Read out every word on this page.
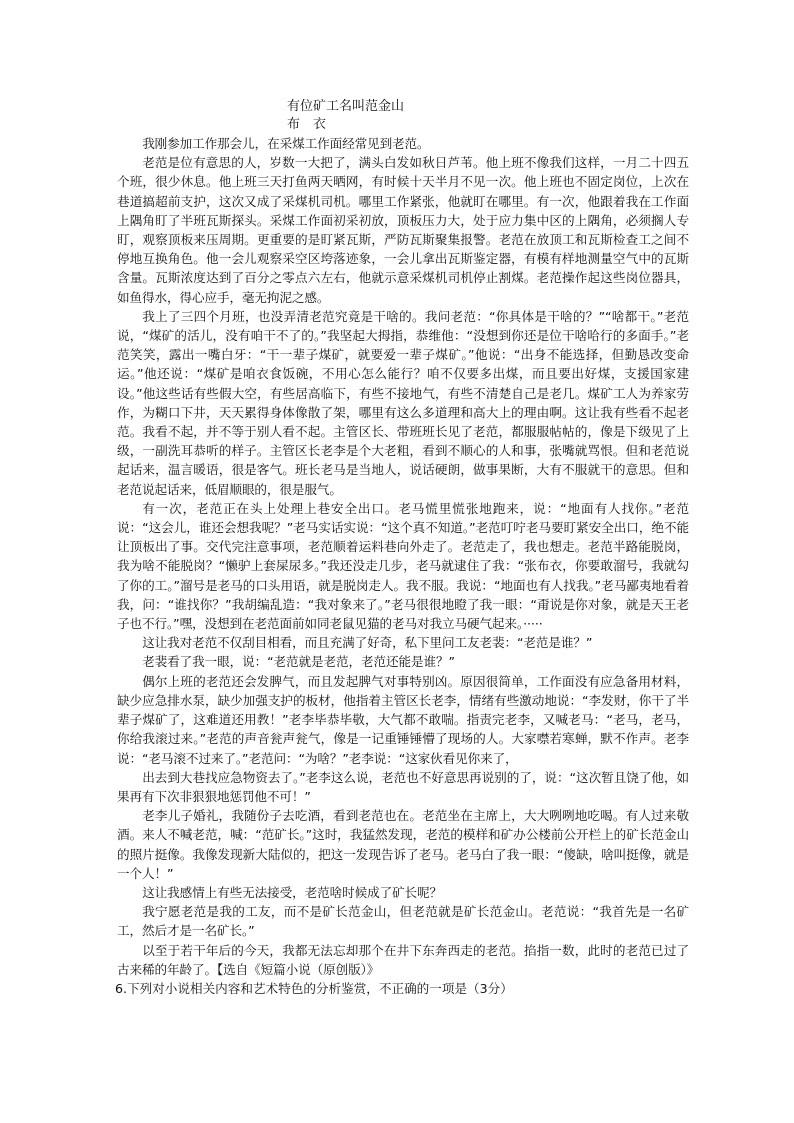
有位矿工名叫范金山
布　衣

我刚参加工作那会儿，在采煤工作面经常见到老范。

老范是位有意思的人，岁数一大把了，满头白发如秋日芦苇。他上班不像我们这样，一月二十四五个班，很少休息。他上班三天打鱼两天晒网，有时候十天半月不见一次。他上班也不固定岗位，上次在巷道搞超前支护，这次又成了采煤机司机。哪里工作紧张，他就盯在哪里。有一次，他跟着我在工作面上隅角盯了半班瓦斯探头。采煤工作面初采初放，顶板压力大，处于应力集中区的上隅角，必须搁人专盯，观察顶板来压周期。更重要的是盯紧瓦斯，严防瓦斯聚集报警。老范在放顶工和瓦斯检查工之间不停地互换角色。他一会儿观察采空区垮落迹象，一会儿拿出瓦斯鉴定器，有模有样地测量空气中的瓦斯含量。瓦斯浓度达到了百分之零点六左右，他就示意采煤机司机停止割煤。老范操作起这些岗位器具，如鱼得水，得心应手，毫无拘泥之感。

我上了三四个月班，也没弄清老范究竟是干啥的。我问老范：“你具体是干啥的？”“啥都干。”老范说，“煤矿的活儿，没有咱干不了的。”我坚起大拇指，恭维他：“没想到你还是位干啥哈行的多面手。”老范笑笑，露出一嘴白牙：“干一辈子煤矿，就要爱一辈子煤矿。”他说：“出身不能选择，但勤恳改变命运。”他还说：“煤矿是咱衣食饭碗，不用心怎么能行？咱不仅要多出煤，而且要出好煤，支援国家建设。”他这些话有些假大空，有些居高临下，有些不接地气，有些不清楚自己是老几。煤矿工人为养家劳作，为糊口下井，天天累得身体像散了架，哪里有这么多道理和高大上的理由啊。这让我有些看不起老范。我看不起，并不等于别人看不起。主管区长、带班班长见了老范，都服服帖帖的，像是下级见了上级，一副洗耳恭听的样子。主管区长老李是个大老粗，看到不顺心的人和事，张嘴就骂恨。但和老范说起话来，温言暖语，很是客气。班长老马是当地人，说话硬朗，做事果断，大有不服就干的意思。但和老范说起话来，低眉顺眼的，很是服气。

有一次，老范正在头上处理上巷安全出口。老马慌里慌张地跑来，说：“地面有人找你。”老范说：“这会儿，谁还会想我呢？”老马实话实说：“这个真不知道。”老范叮咛老马要盯紧安全出口，绝不能让顶板出了事。交代完注意事项，老范顺着运料巷向外走了。老范走了，我也想走。老范半路能脱岗，我为啥不能脱岗？“懒驴上套屎尿多。”我还没走几步，老马就逮住了我：“张布衣，你要敢溜号，我就勾了你的工。”溜号是老马的口头用语，就是脱岗走人。我不服。我说：“地面也有人找我。”老马鄙夷地看着我，问：“谁找你？”我胡编乱造：“我对象来了。”老马很很地瞪了我一眼：“甭说是你对象，就是天王老子也不行。”嘿，没想到在老范面前如同老鼠见猫的老马对我立马硬气起来。·····

这让我对老范不仅刮目相看，而且充满了好奇，私下里问工友老裴：“老范是谁？”

老裴看了我一眼，说：“老范就是老范，老范还能是谁？”

偶尔上班的老范还会发脾气，而且发起脾气对事特别凶。原因很简单，工作面没有应急备用材料，缺少应急排水泵，缺少加强支护的板材，他指着主管区长老李，情绪有些激动地说：“李发财，你干了半辈子煤矿了，这难道还用教！”老李毕恭毕敬，大气都不敢喘。指责完老李，又喊老马：“老马，老马，你给我滚过来。”老范的声音瓮声瓮气，像是一记重锤锤懵了现场的人。大家噤若寒蝉，默不作声。老李说：“老马滚不过来了。”老范问：“为啥？”老李说：“这家伙看见你来了，

出去到大巷找应急物资去了。”老李这么说，老范也不好意思再说别的了，说：“这次暂且饶了他，如果再有下次非狠狠地惩罚他不可！”

老李儿子婚礼，我随份子去吃酒，看到老范也在。老范坐在主席上，大大咧咧地吃喝。有人过来敬酒。来人不喊老范，喊：“范矿长。”这时，我猛然发现，老范的模样和矿办公楼前公开栏上的矿长范金山的照片挺像。我像发现新大陆似的，把这一发现告诉了老马。老马白了我一眼：“傻缺，啥叫挺像，就是一个人！”

这让我感情上有些无法接受，老范啥时候成了矿长呢？

我宁愿老范是我的工友，而不是矿长范金山，但老范就是矿长范金山。老范说：“我首先是一名矿工，然后才是一名矿长。”

以至于若干年后的今天，我都无法忘却那个在井下东奔西走的老范。掐指一数，此时的老范已过了古来稀的年龄了。【选自《短篇小说（原创版）》

6.下列对小说相关内容和艺术特色的分析鉴赏，不正确的一项是（3分）
